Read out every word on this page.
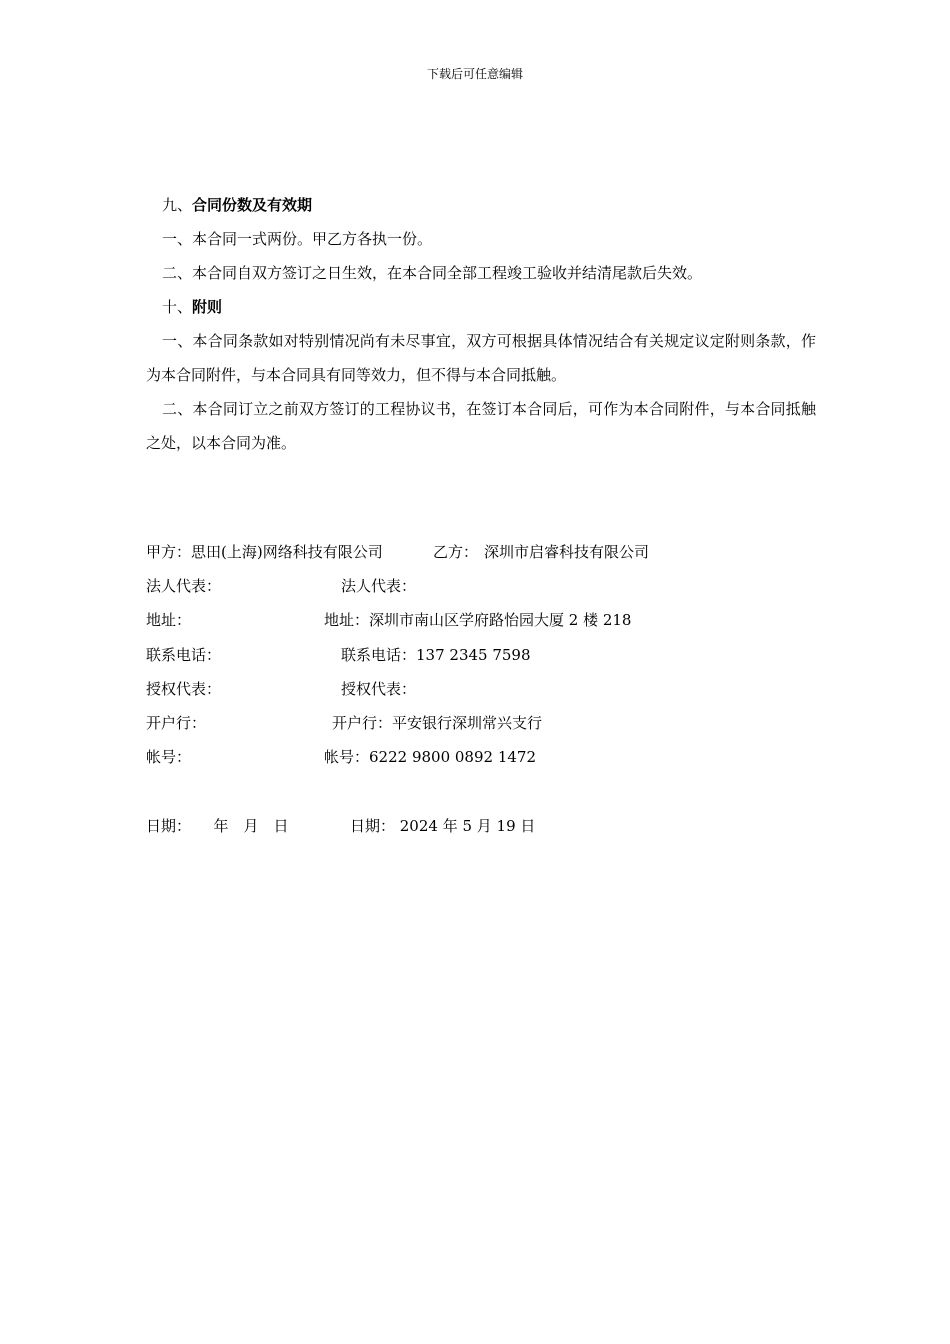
下载后可任意编辑

九、合同份数及有效期

一、本合同一式两份。甲乙方各执一份。

二、本合同自双方签订之日生效，在本合同全部工程竣工验收并结清尾款后失效。

十、附则

一、本合同条款如对特别情况尚有未尽事宜，双方可根据具体情况结合有关规定议定附则条款，作为本合同附件，与本合同具有同等效力，但不得与本合同抵触。

二、本合同订立之前双方签订的工程协议书，在签订本合同后，可作为本合同附件，与本合同抵触之处，以本合同为准。

甲方：思田(上海)网络科技有限公司	乙方： 深圳市启睿科技有限公司
法人代表：	法人代表：
地址：	地址：深圳市南山区学府路怡园大厦 2 楼 218
联系电话：	联系电话：137 2345 7598
授权代表：	授权代表：
开户行：	开户行：平安银行深圳常兴支行
帐号：	帐号：6222 9800 0892 1472
日期：　　年　月　日	日期： 2024 年 5 月 19 日
